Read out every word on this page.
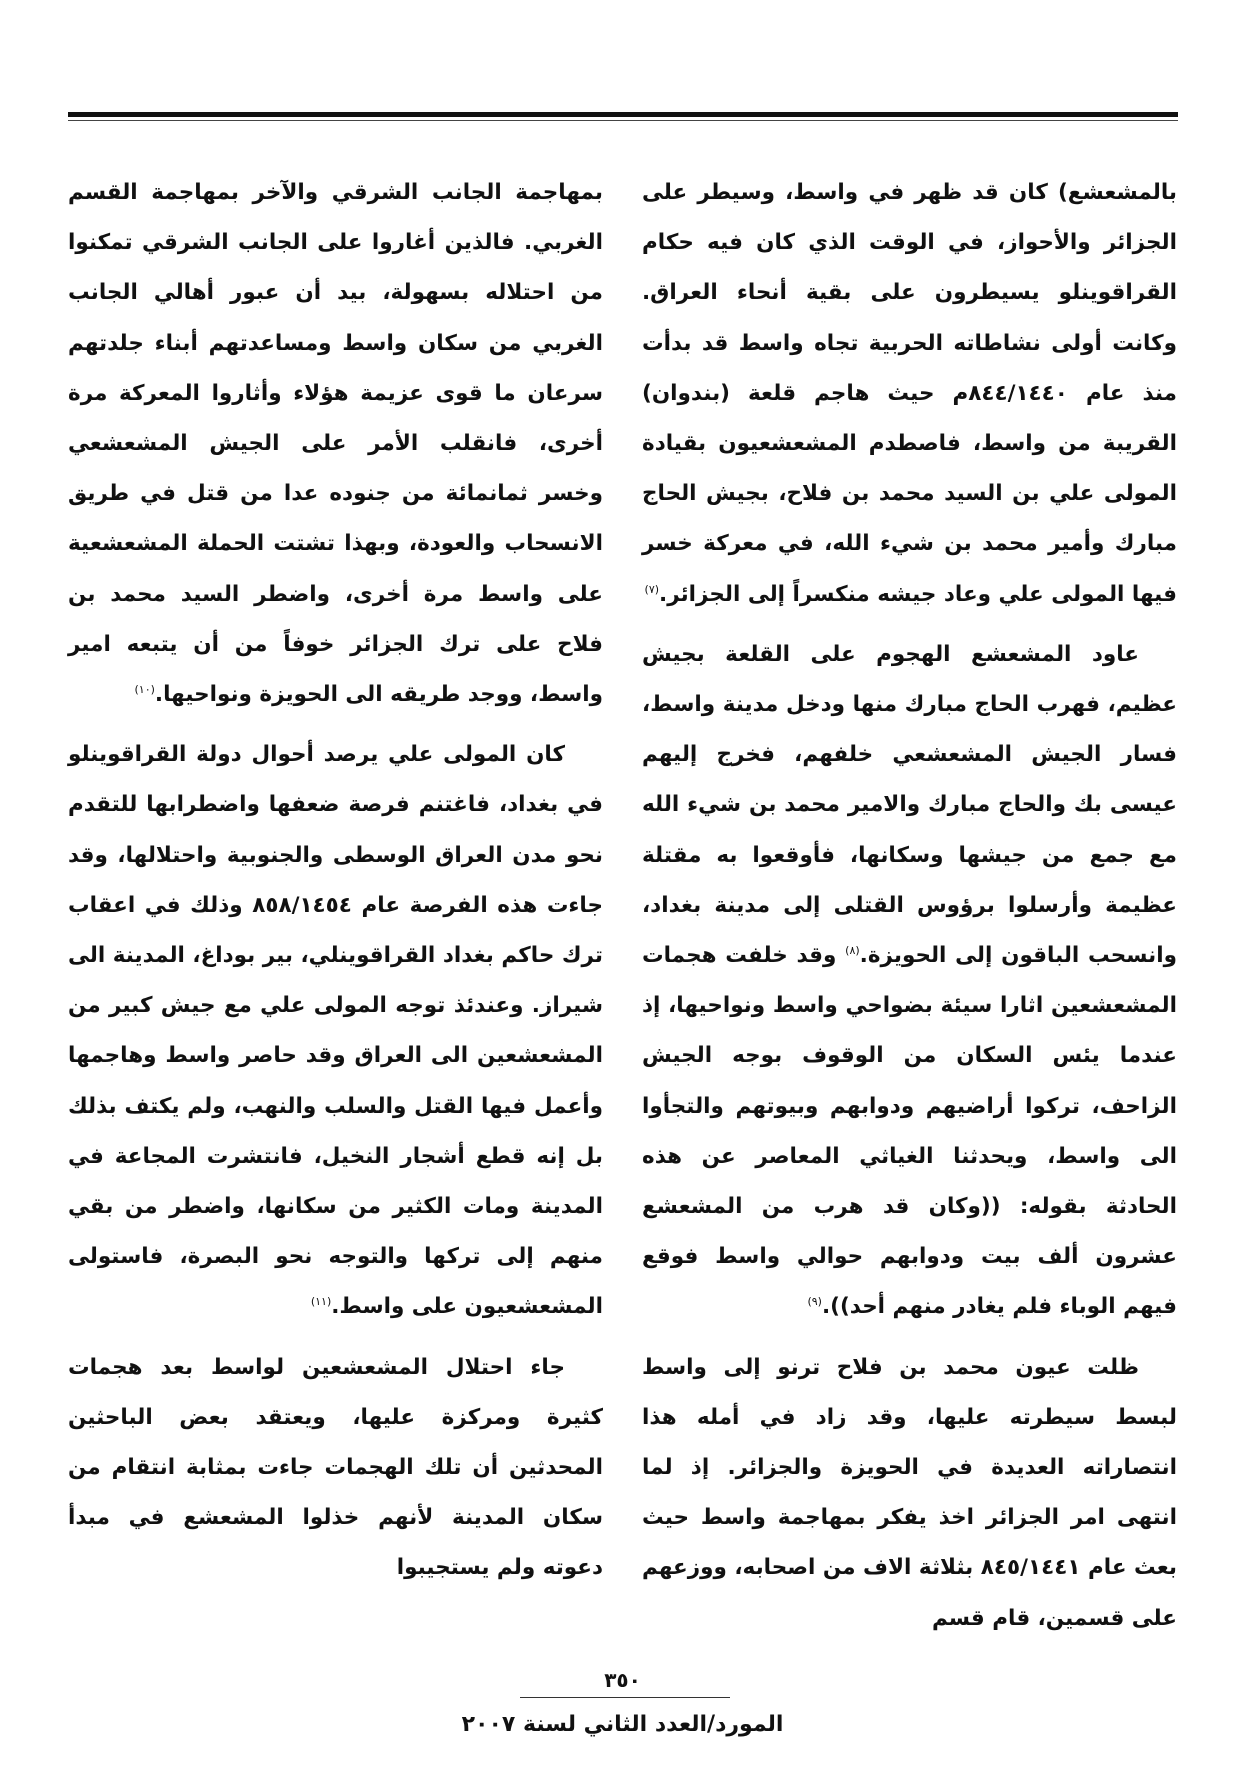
بالمشعشع) كان قد ظهر في واسط، وسيطر على الجزائر والأحواز، في الوقت الذي كان فيه حكام القراقوينلو يسيطرون على بقية أنحاء العراق. وكانت أولى نشاطاته الحربية تجاه واسط قد بدأت منذ عام ٨٤٤/١٤٤٠م حيث هاجم قلعة (بندوان) القريبة من واسط، فاصطدم المشعشعيون بقيادة المولى علي بن السيد محمد بن فلاح، بجيش الحاج مبارك وأمير محمد بن شيء الله، في معركة خسر فيها المولى علي وعاد جيشه منكسراً إلى الجزائر.$^{(٧)}$

عاود المشعشع الهجوم على القلعة بجيش عظيم، فهرب الحاج مبارك منها ودخل مدينة واسط، فسار الجيش المشعشعي خلفهم، فخرج إليهم عيسى بك والحاج مبارك والامير محمد بن شيء الله مع جمع من جيشها وسكانها، فأوقعوا به مقتلة عظيمة وأرسلوا برؤوس القتلى إلى مدينة بغداد، وانسحب الباقون إلى الحويزة.$^{(٨)}$ وقد خلفت هجمات المشعشعين اثارا سيئة بضواحي واسط ونواحيها، إذ عندما يئس السكان من الوقوف بوجه الجيش الزاحف، تركوا أراضيهم ودوابهم وبيوتهم والتجأوا الى واسط، ويحدثنا الغياثي المعاصر عن هذه الحادثة بقوله: ((وكان قد هرب من المشعشع عشرون ألف بيت ودوابهم حوالي واسط فوقع فيهم الوباء فلم يغادر منهم أحد)).$^{(٩)}$

ظلت عيون محمد بن فلاح ترنو إلى واسط لبسط سيطرته عليها، وقد زاد في أمله هذا انتصاراته العديدة في الحويزة والجزائر. إذ لما انتهى امر الجزائر اخذ يفكر بمهاجمة واسط حيث بعث عام ٨٤٥/١٤٤١ بثلاثة الاف من اصحابه، ووزعهم على قسمين، قام قسم

بمهاجمة الجانب الشرقي والآخر بمهاجمة القسم الغربي. فالذين أغاروا على الجانب الشرقي تمكنوا من احتلاله بسهولة، بيد أن عبور أهالي الجانب الغربي من سكان واسط ومساعدتهم أبناء جلدتهم سرعان ما قوى عزيمة هؤلاء وأثاروا المعركة مرة أخرى، فانقلب الأمر على الجيش المشعشعي وخسر ثمانمائة من جنوده عدا من قتل في طريق الانسحاب والعودة، وبهذا تشتت الحملة المشعشعية على واسط مرة أخرى، واضطر السيد محمد بن فلاح على ترك الجزائر خوفاً من أن يتبعه امير واسط، ووجد طريقه الى الحويزة ونواحيها.$^{(١٠)}$

كان المولى علي يرصد أحوال دولة القراقوينلو في بغداد، فاغتنم فرصة ضعفها واضطرابها للتقدم نحو مدن العراق الوسطى والجنوبية واحتلالها، وقد جاءت هذه الفرصة عام ٨٥٨/١٤٥٤ وذلك في اعقاب ترك حاكم بغداد القراقوينلي، بير بوداغ، المدينة الى شيراز. وعندئذ توجه المولى علي مع جيش كبير من المشعشعين الى العراق وقد حاصر واسط وهاجمها وأعمل فيها القتل والسلب والنهب، ولم يكتف بذلك بل إنه قطع أشجار النخيل، فانتشرت المجاعة في المدينة ومات الكثير من سكانها، واضطر من بقي منهم إلى تركها والتوجه نحو البصرة، فاستولى المشعشعيون على واسط.$^{(١١)}$

جاء احتلال المشعشعين لواسط بعد هجمات كثيرة ومركزة عليها، ويعتقد بعض الباحثين المحدثين أن تلك الهجمات جاءت بمثابة انتقام من سكان المدينة لأنهم خذلوا المشعشع في مبدأ دعوته ولم يستجيبوا

٣٥٠
المورد/العدد الثاني لسنة ٢٠٠٧
